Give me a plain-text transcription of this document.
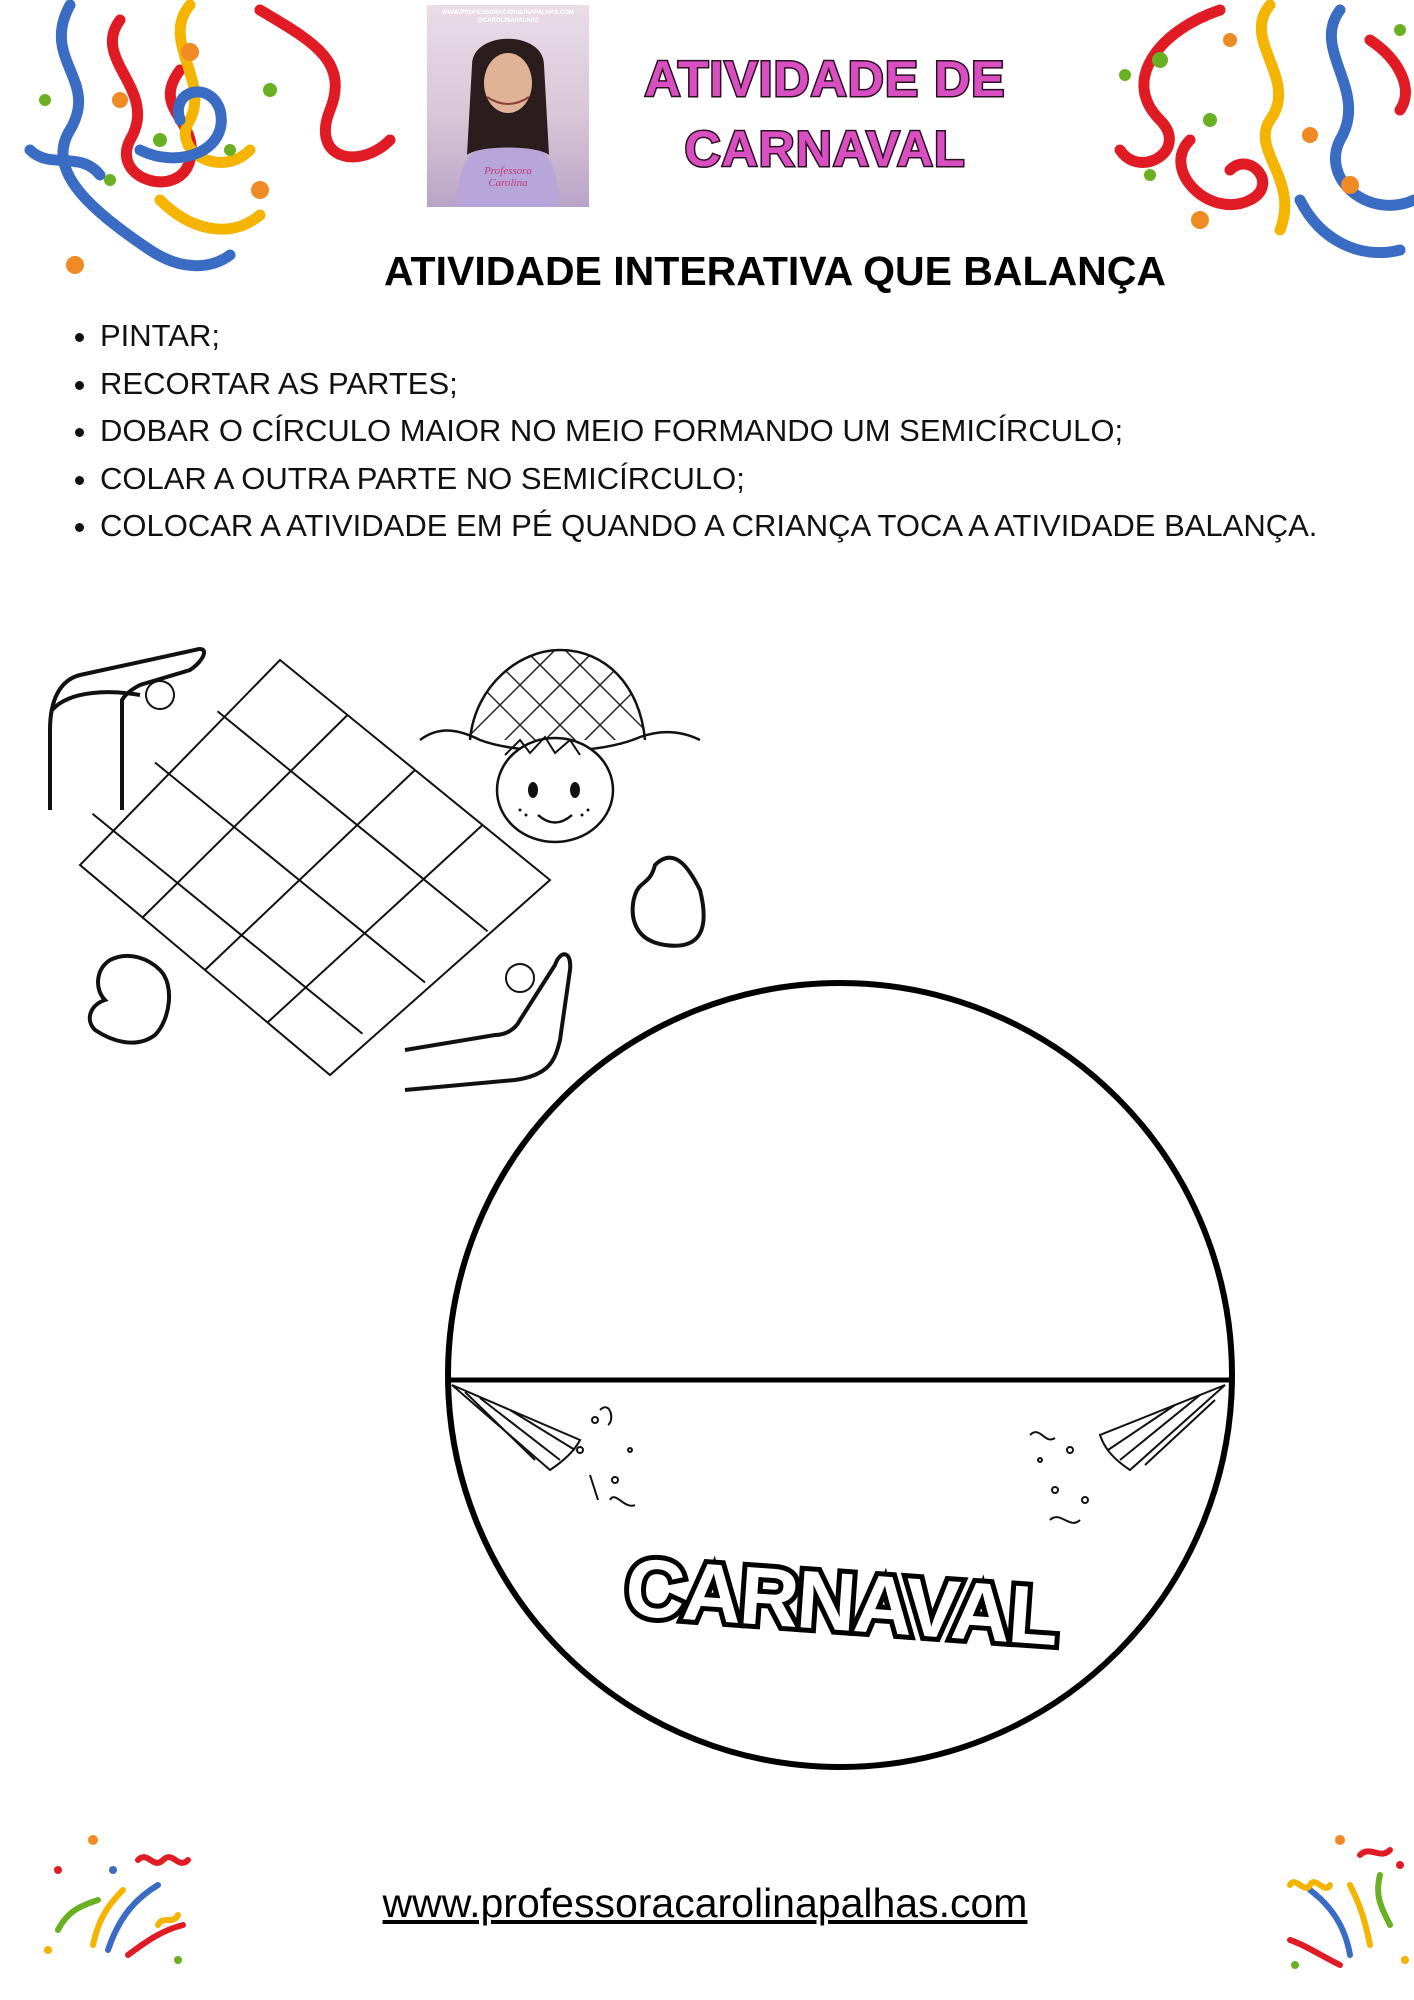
WWW.PROFESSORACAROLINAPALHAS.COM @CAROLINAPALHAS
Professora Carolina
ATIVIDADE DE
CARNAVAL
ATIVIDADE INTERATIVA QUE BALANÇA
• PINTAR;
• RECORTAR AS PARTES;
• DOBAR O CÍRCULO MAIOR NO MEIO FORMANDO UM SEMICÍRCULO;
• COLAR A OUTRA PARTE NO SEMICÍRCULO;
• COLOCAR A ATIVIDADE EM PÉ QUANDO A CRIANÇA TOCA A ATIVIDADE BALANÇA.
CARNAVAL
www.professoracarolinapalhas.com
